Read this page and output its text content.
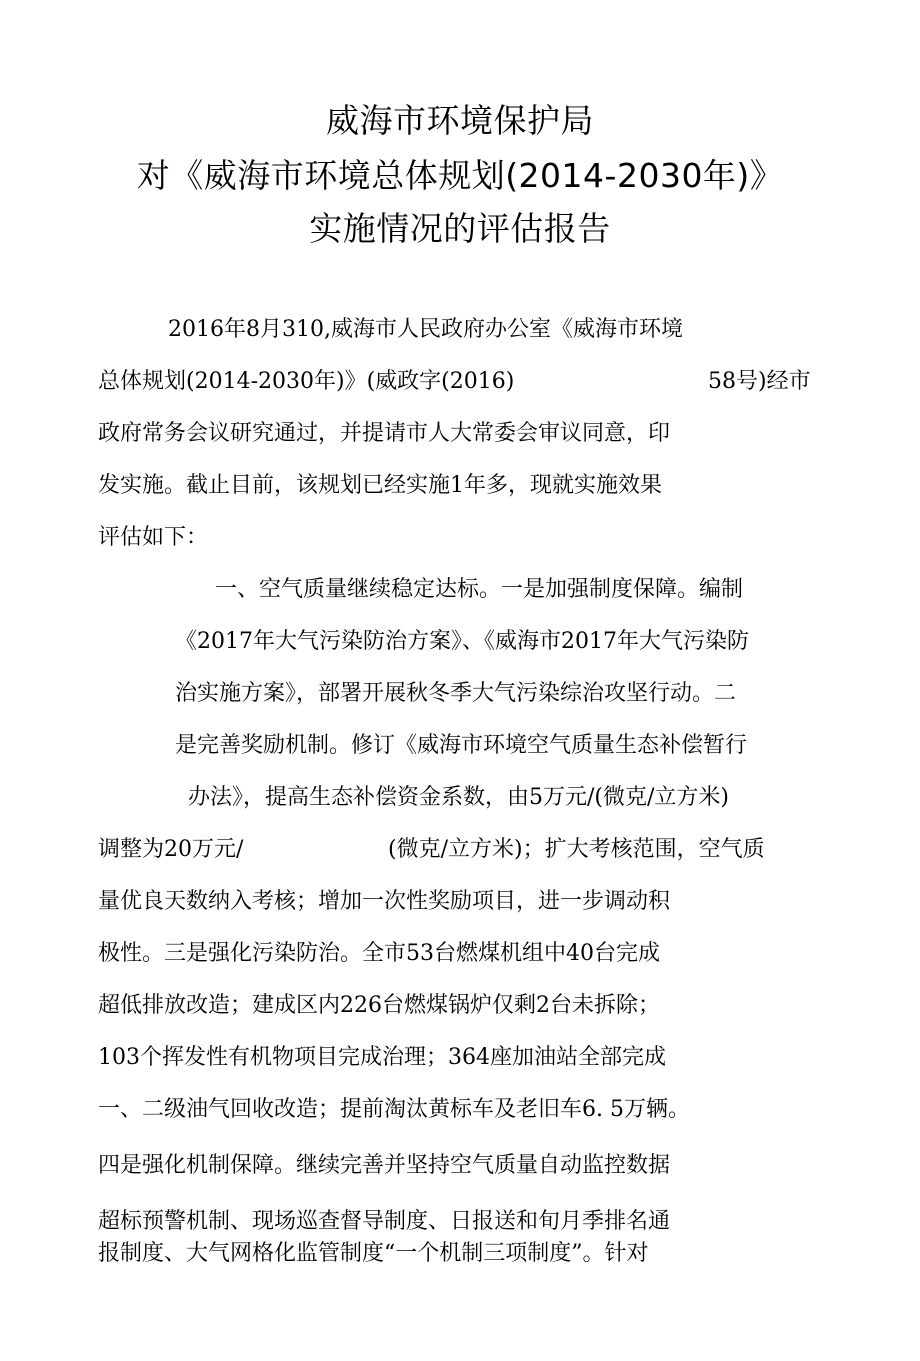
威海市环境保护局
对《威海市环境总体规划(2014-2030年)》
实施情况的评估报告

2016年8月310,威海市人民政府办公室《威海市环境

总体规划(2014-2030年)》(威政字(2016)	58号)经市

政府常务会议研究通过，并提请市人大常委会审议同意，印

发实施。截止目前，该规划已经实施1年多，现就实施效果

评估如下：

一、空气质量继续稳定达标。一是加强制度保障。编制

《2017年大气污染防治方案》、《威海市2017年大气污染防

治实施方案》，部署开展秋冬季大气污染综治攻坚行动。二

是完善奖励机制。修订《威海市环境空气质量生态补偿暂行

办法》，提高生态补偿资金系数，由5万元/(微克/立方米)

调整为20万元/	(微克/立方米)；扩大考核范围，空气质

量优良天数纳入考核；增加一次性奖励项目，进一步调动积

极性。三是强化污染防治。全市53台燃煤机组中40台完成

超低排放改造；建成区内226台燃煤锅炉仅剩2台未拆除；

103个挥发性有机物项目完成治理；364座加油站全部完成

一、二级油气回收改造；提前淘汰黄标车及老旧车6. 5万辆。

四是强化机制保障。继续完善并坚持空气质量自动监控数据

超标预警机制、现场巡查督导制度、日报送和旬月季排名通

报制度、大气网格化监管制度“一个机制三项制度”。针对
